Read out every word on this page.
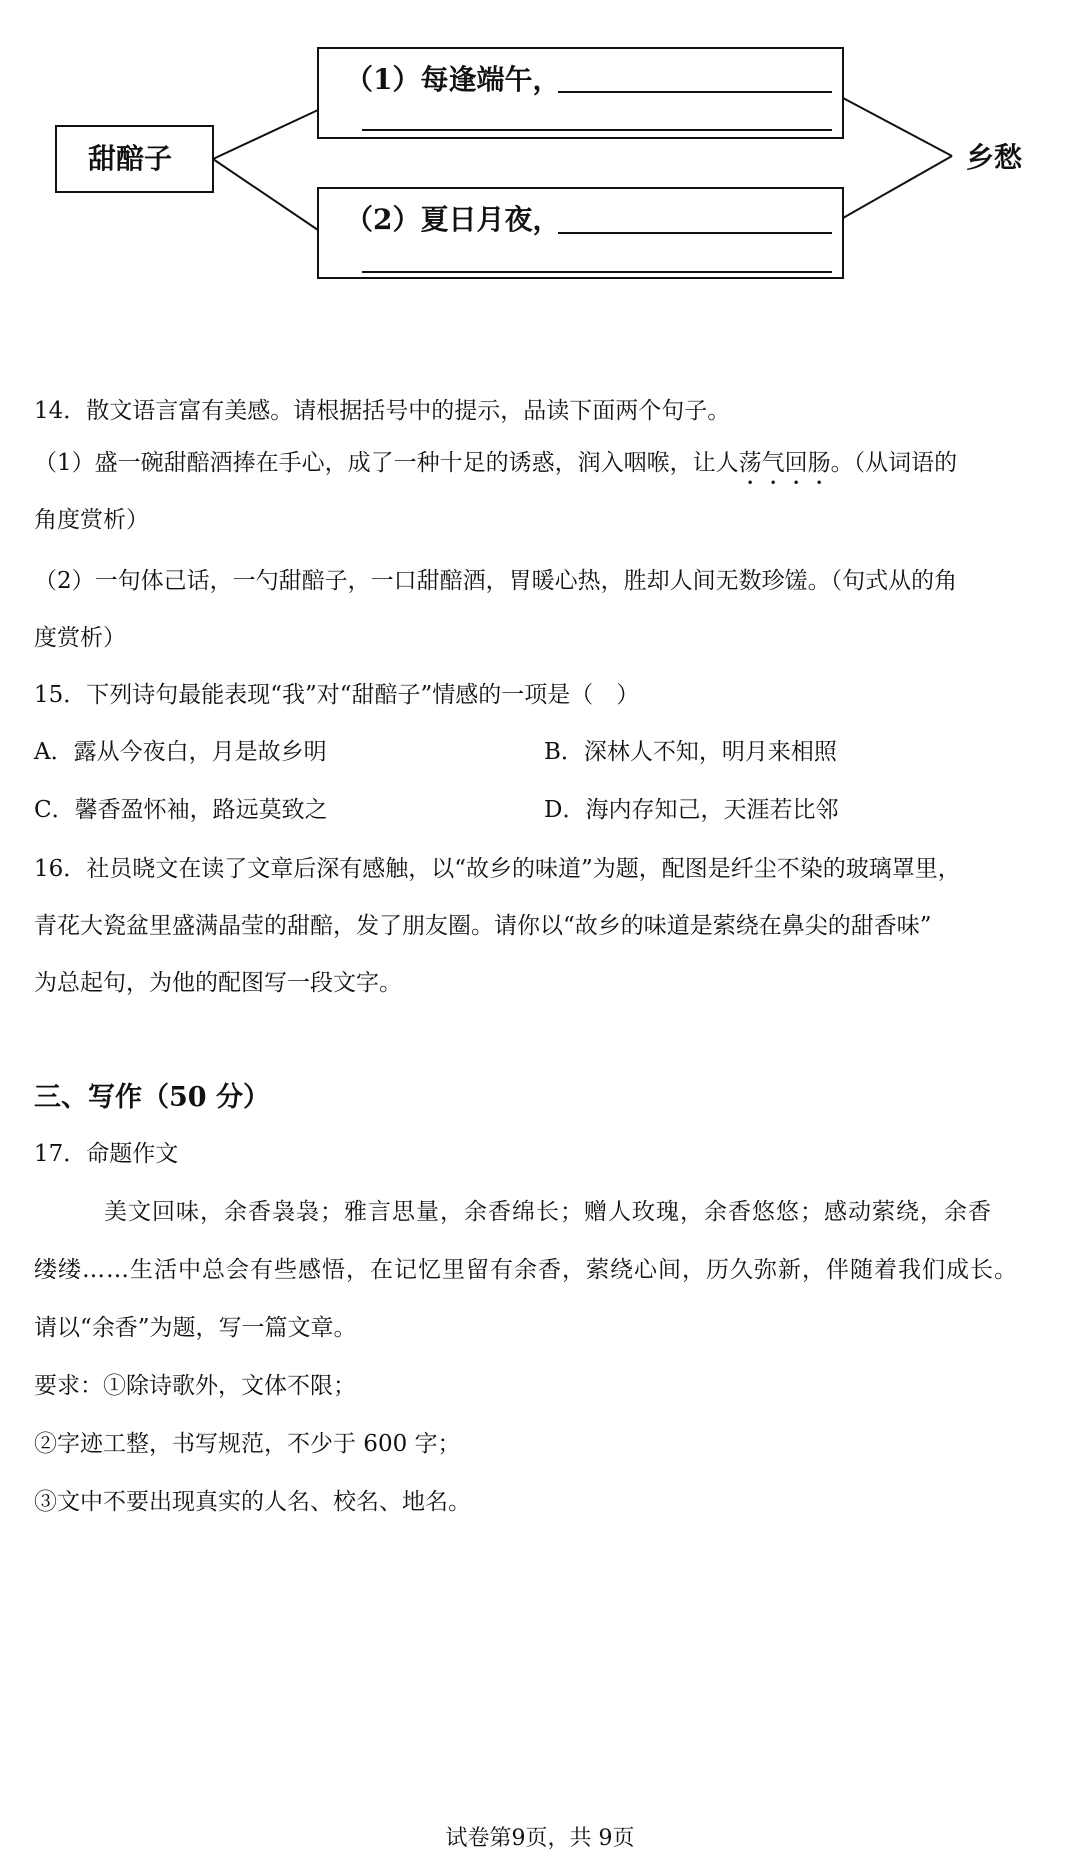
甜醅子
（1）每逢端午，
（2）夏日月夜，
乡愁
14．散文语言富有美感。请根据括号中的提示，品读下面两个句子。
（1）盛一碗甜醅酒捧在手心，成了一种十足的诱惑，润入咽喉，让人荡气回肠。（从词语的
角度赏析）
（2）一句体己话，一勺甜醅子，一口甜醅酒，胃暖心热，胜却人间无数珍馐。（句式从的角
度赏析）
15．下列诗句最能表现“我”对“甜醅子”情感的一项是（　）
A．露从今夜白，月是故乡明	B．深林人不知，明月来相照
C．馨香盈怀袖，路远莫致之	D．海内存知己，天涯若比邻
16．社员晓文在读了文章后深有感触，以“故乡的味道”为题，配图是纤尘不染的玻璃罩里，
青花大瓷盆里盛满晶莹的甜醅，发了朋友圈。请你以“故乡的味道是萦绕在鼻尖的甜香味”
为总起句，为他的配图写一段文字。
三、写作（50 分）
17．命题作文
美文回味，余香袅袅；雅言思量，余香绵长；赠人玫瑰，余香悠悠；感动萦绕，余香
缕缕……生活中总会有些感悟，在记忆里留有余香，萦绕心间，历久弥新，伴随着我们成长。
请以“余香”为题，写一篇文章。
要求：①除诗歌外，文体不限；
②字迹工整，书写规范，不少于 600 字；
③文中不要出现真实的人名、校名、地名。
试卷第9页，共 9页
